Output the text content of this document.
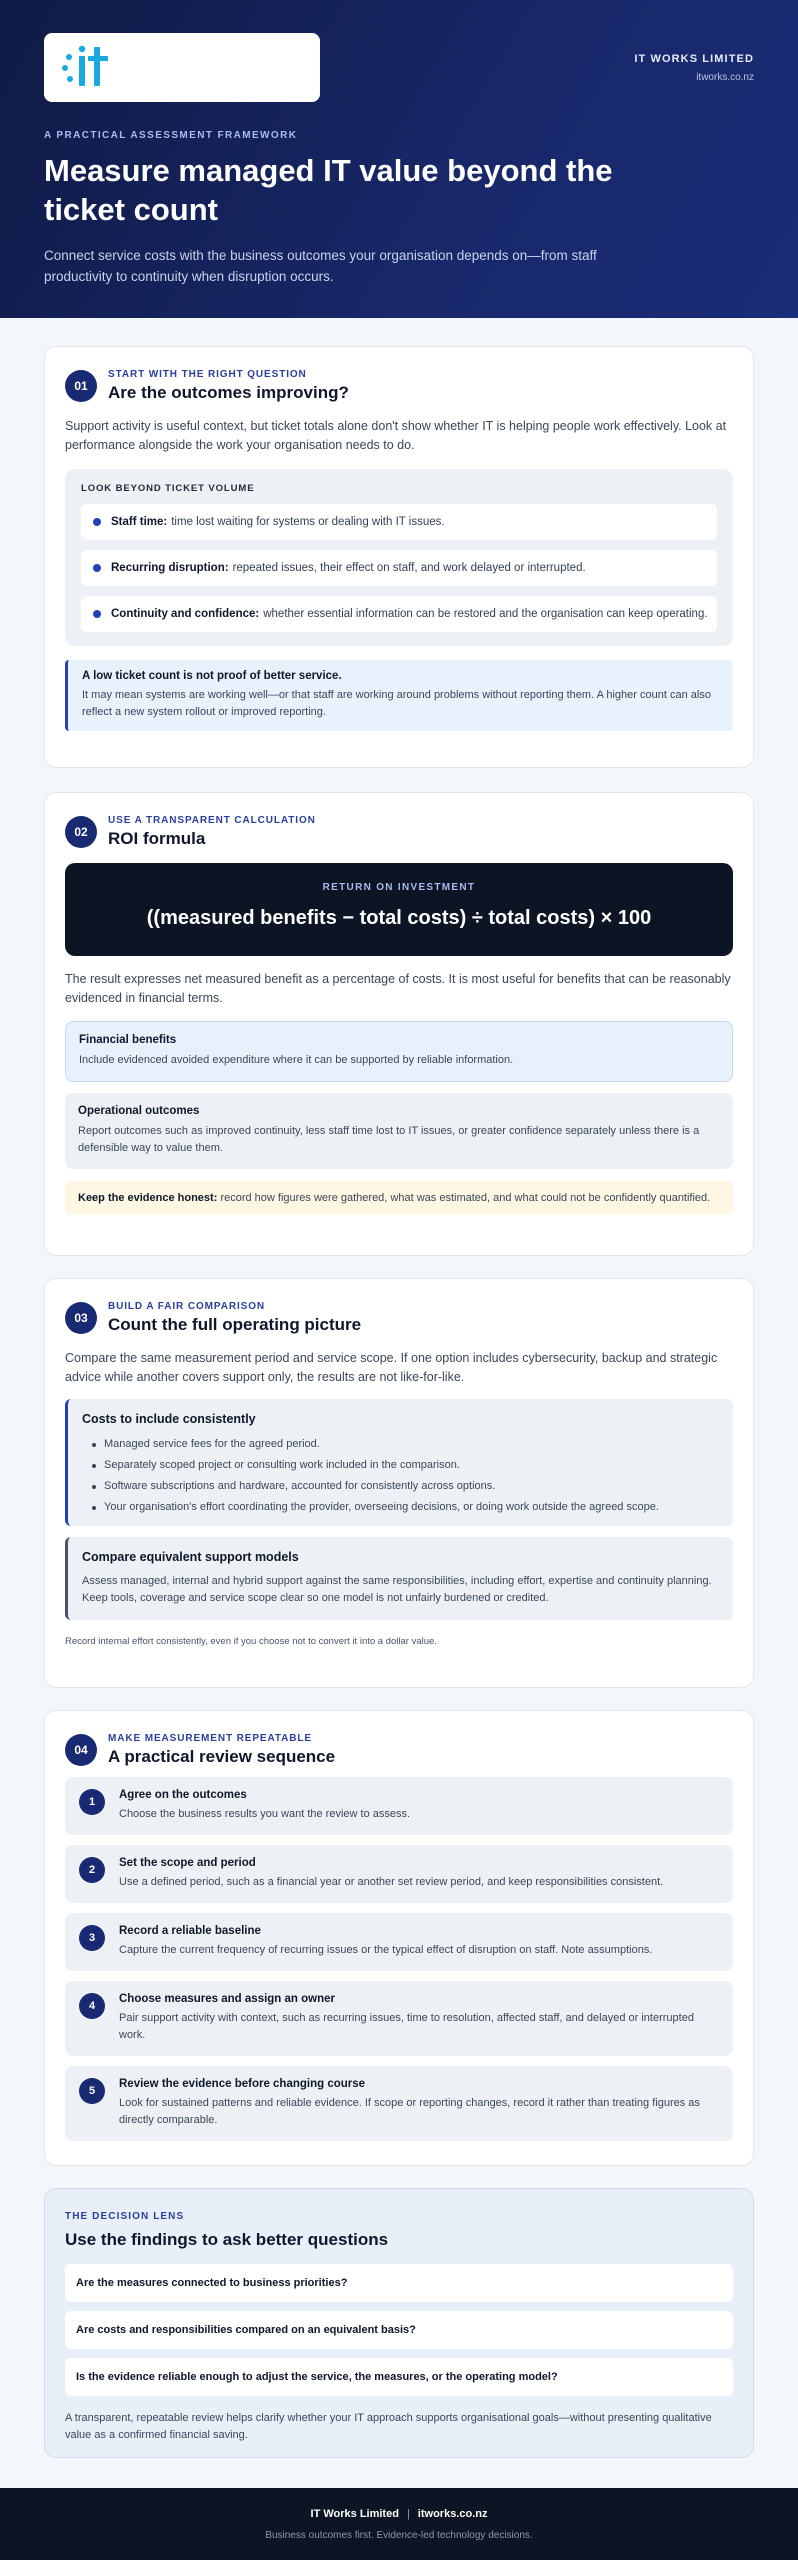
IT WORKS LIMITED
itworks.co.nz
A PRACTICAL ASSESSMENT FRAMEWORK
Measure managed IT value beyond the ticket count

Connect service costs with the business outcomes your organisation depends on—from staff productivity to continuity when disruption occurs.

01
START WITH THE RIGHT QUESTION
Are the outcomes improving?

Support activity is useful context, but ticket totals alone don't show whether IT is helping people work effectively. Look at performance alongside the work your organisation needs to do.

LOOK BEYOND TICKET VOLUME
Staff time: time lost waiting for systems or dealing with IT issues.
Recurring disruption: repeated issues, their effect on staff, and work delayed or interrupted.
Continuity and confidence: whether essential information can be restored and the organisation can keep operating.
A low ticket count is not proof of better service.
It may mean systems are working well—or that staff are working around problems without reporting them. A higher count can also reflect a new system rollout or improved reporting.
02
USE A TRANSPARENT CALCULATION
ROI formula
RETURN ON INVESTMENT
((measured benefits − total costs) ÷ total costs) × 100

The result expresses net measured benefit as a percentage of costs. It is most useful for benefits that can be reasonably evidenced in financial terms.

Financial benefits
Include evidenced avoided expenditure where it can be supported by reliable information.
Operational outcomes
Report outcomes such as improved continuity, less staff time lost to IT issues, or greater confidence separately unless there is a defensible way to value them.
Keep the evidence honest: record how figures were gathered, what was estimated, and what could not be confidently quantified.
03
BUILD A FAIR COMPARISON
Count the full operating picture

Compare the same measurement period and service scope. If one option includes cybersecurity, backup and strategic advice while another covers support only, the results are not like-for-like.

Costs to include consistently
Managed service fees for the agreed period.
Separately scoped project or consulting work included in the comparison.
Software subscriptions and hardware, accounted for consistently across options.
Your organisation's effort coordinating the provider, overseeing decisions, or doing work outside the agreed scope.
Compare equivalent support models
Assess managed, internal and hybrid support against the same responsibilities, including effort, expertise and continuity planning. Keep tools, coverage and service scope clear so one model is not unfairly burdened or credited.
Record internal effort consistently, even if you choose not to convert it into a dollar value.
04
MAKE MEASUREMENT REPEATABLE
A practical review sequence
1
Agree on the outcomes
Choose the business results you want the review to assess.
2
Set the scope and period
Use a defined period, such as a financial year or another set review period, and keep responsibilities consistent.
3
Record a reliable baseline
Capture the current frequency of recurring issues or the typical effect of disruption on staff. Note assumptions.
4
Choose measures and assign an owner
Pair support activity with context, such as recurring issues, time to resolution, affected staff, and delayed or interrupted work.
5
Review the evidence before changing course
Look for sustained patterns and reliable evidence. If scope or reporting changes, record it rather than treating figures as directly comparable.
THE DECISION LENS
Use the findings to ask better questions
Are the measures connected to business priorities?
Are costs and responsibilities compared on an equivalent basis?
Is the evidence reliable enough to adjust the service, the measures, or the operating model?

A transparent, repeatable review helps clarify whether your IT approach supports organisational goals—without presenting qualitative value as a confirmed financial saving.

IT Works Limited | itworks.co.nz
Business outcomes first. Evidence-led technology decisions.
